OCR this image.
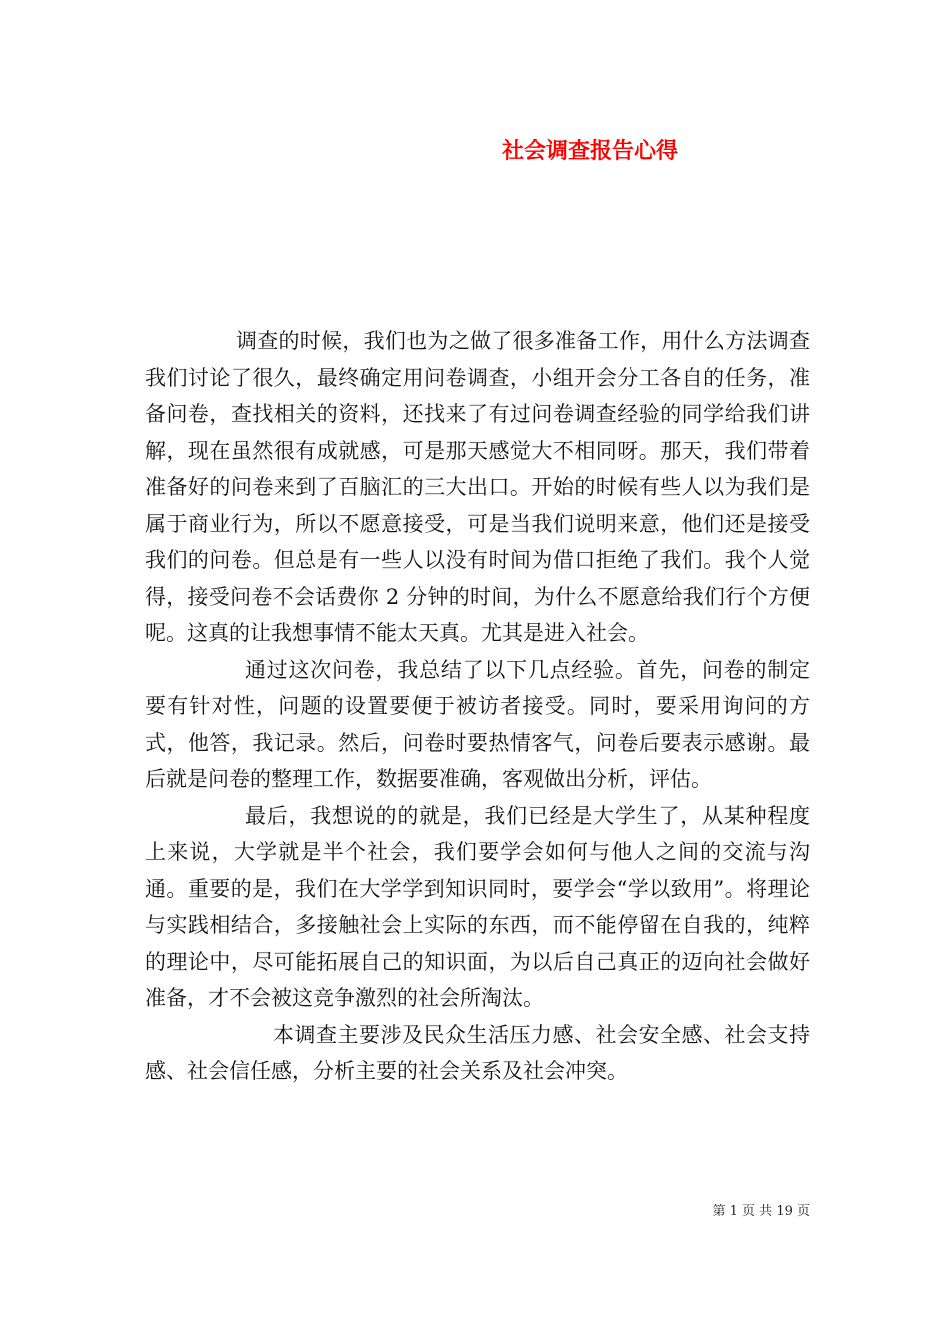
社会调查报告心得

调查的时候，我们也为之做了很多准备工作，用什么方法调查我们讨论了很久，最终确定用问卷调查，小组开会分工各自的任务，准备问卷，查找相关的资料，还找来了有过问卷调查经验的同学给我们讲解，现在虽然很有成就感，可是那天感觉大不相同呀。那天，我们带着准备好的问卷来到了百脑汇的三大出口。开始的时候有些人以为我们是属于商业行为，所以不愿意接受，可是当我们说明来意，他们还是接受我们的问卷。但总是有一些人以没有时间为借口拒绝了我们。我个人觉得，接受问卷不会话费你 2 分钟的时间，为什么不愿意给我们行个方便呢。这真的让我想事情不能太天真。尤其是进入社会。

通过这次问卷，我总结了以下几点经验。首先，问卷的制定要有针对性，问题的设置要便于被访者接受。同时，要采用询问的方式，他答，我记录。然后，问卷时要热情客气，问卷后要表示感谢。最后就是问卷的整理工作，数据要准确，客观做出分析，评估。

最后，我想说的的就是，我们已经是大学生了，从某种程度上来说，大学就是半个社会，我们要学会如何与他人之间的交流与沟通。重要的是，我们在大学学到知识同时，要学会“学以致用”。将理论与实践相结合，多接触社会上实际的东西，而不能停留在自我的，纯粹的理论中，尽可能拓展自己的知识面，为以后自己真正的迈向社会做好准备，才不会被这竞争激烈的社会所淘汰。

本调查主要涉及民众生活压力感、社会安全感、社会支持感、社会信任感，分析主要的社会关系及社会冲突。

第 1 页 共 19 页
